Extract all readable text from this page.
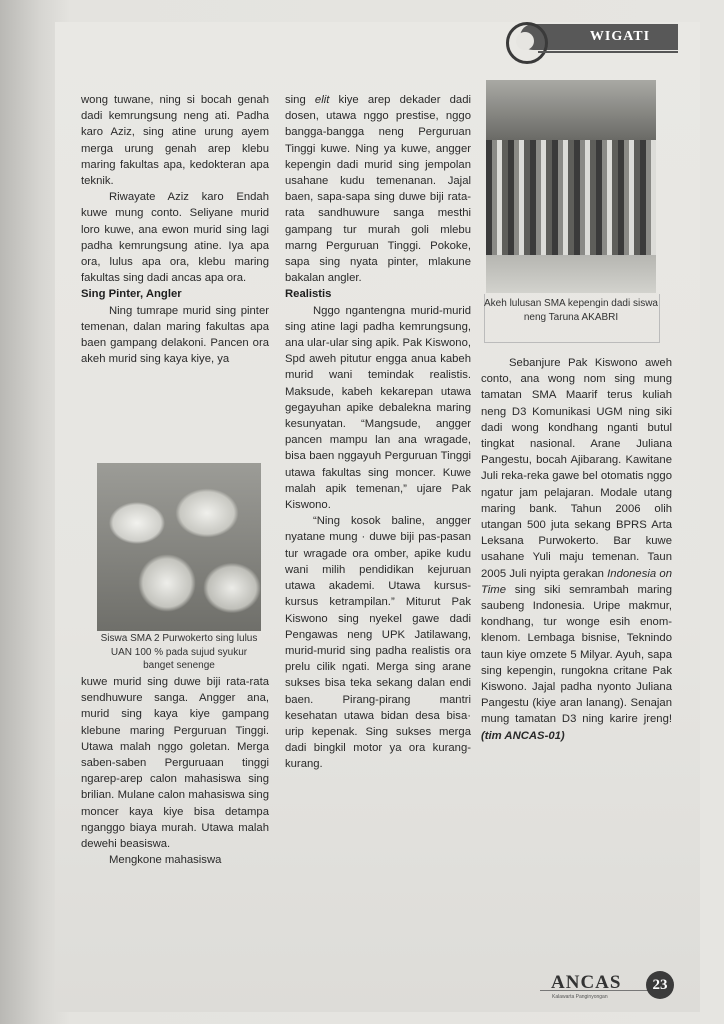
WIGATI

wong tuwane, ning si bocah genah dadi kemrungsung neng ati. Padha karo Aziz, sing atine urung ayem merga urung genah arep klebu maring fakultas apa, kedokteran apa teknik.

Riwayate Aziz karo Endah kuwe mung conto. Seliyane murid loro kuwe, ana ewon murid sing lagi padha kemrungsung atine. Iya apa ora, lulus apa ora, klebu maring fakultas sing dadi ancas apa ora.

Sing Pinter, Angler

Ning tumrape murid sing pinter temenan, dalan maring fakultas apa baen gampang delakoni. Pancen ora akeh murid sing kaya kiye, ya

Siswa SMA 2 Purwokerto sing lulus UAN 100 % pada sujud syukur banget senenge

kuwe murid sing duwe biji rata-rata sendhuwure sanga. Angger ana, murid sing kaya kiye gampang klebune maring Perguruan Tinggi. Utawa malah nggo goletan. Merga saben-saben Perguruaan tinggi ngarep-arep calon mahasiswa sing brilian. Mulane calon mahasiswa sing moncer kaya kiye bisa detampa nganggo biaya murah. Utawa malah dewehi beasiswa.

Mengkone mahasiswa

sing elit kiye arep dekader dadi dosen, utawa nggo prestise, nggo bangga-bangga neng Perguruan Tinggi kuwe. Ning ya kuwe, angger kepengin dadi murid sing jempolan usahane kudu temenanan. Jajal baen, sapa-sapa sing duwe biji rata-rata sandhuwure sanga mesthi gampang tur murah goli mlebu marng Perguruan Tinggi. Pokoke, sapa sing nyata pinter, mlakune bakalan angler.

Realistis

Nggo ngantengna murid-murid sing atine lagi padha kemrungsung, ana ular-ular sing apik. Pak Kiswono, Spd aweh pitutur engga anua kabeh murid wani temindak realistis. Maksude, kabeh kekarepan utawa gegayuhan apike debalekna maring kesunyatan. “Mangsude, angger pancen mampu lan ana wragade, bisa baen nggayuh Perguruan Tinggi utawa fakultas sing moncer. Kuwe malah apik temenan,” ujare Pak Kiswono.

“Ning kosok baline, angger nyatane mung · duwe biji pas-pasan tur wragade ora omber, apike kudu wani milih pendidikan kejuruan utawa akademi. Utawa kursus-kursus ketrampilan.” Miturut Pak Kiswono sing nyekel gawe dadi Pengawas neng UPK Jatilawang, murid-murid sing padha realistis ora prelu cilik ngati. Merga sing arane sukses bisa teka sekang dalan endi baen. Pirang-pirang mantri kesehatan utawa bidan desa bisa· urip kepenak. Sing sukses merga dadi bingkil motor ya ora kurang-kurang.

Akeh lulusan SMA kepengin dadi siswa neng Taruna AKABRI

Sebanjure Pak Kiswono aweh conto, ana wong nom sing mung tamatan SMA Maarif terus kuliah neng D3 Komunikasi UGM ning siki dadi wong kondhang nganti butul tingkat nasional. Arane Juliana Pangestu, bocah Ajibarang. Kawitane Juli reka-reka gawe bel otomatis nggo ngatur jam pelajaran. Modale utang maring bank. Tahun 2006 olih utangan 500 juta sekang BPRS Arta Leksana Purwokerto. Bar kuwe usahane Yuli maju temenan. Taun 2005 Juli nyipta gerakan Indonesia on Time sing siki semrambah maring saubeng Indonesia. Uripe makmur, kondhang, tur wonge esih enom-klenom. Lembaga bisnise, Teknindo taun kiye omzete 5 Milyar. Ayuh, sapa sing kepengin, rungokna critane Pak Kiswono. Jajal padha nyonto Juliana Pangestu (kiye aran lanang). Senajan mung tamatan D3 ning karire jreng! (tim ANCAS-01)

ANCAS
Kalawarta Panginyongan
23
